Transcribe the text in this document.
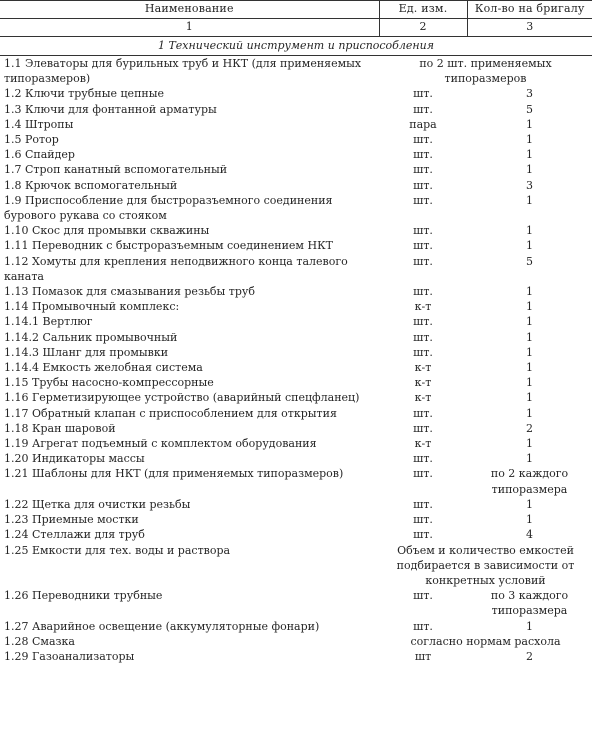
Наименование	Ед. изм.	Кол-во на бригалу
1	2	3
1 Технический инструмент и приспособления		
1.1 Элеваторы для бурильных труб и НКТ (для применяемых типоразмеров)	по 2 шт. применяемых типоразмеров	
1.2 Ключи трубные цепные	шт.	3
1.3 Ключи для фонтанной арматуры	шт.	5
1.4 Штропы	пара	1
1.5 Ротор	шт.	1
1.6 Спайдер	шт.	1
1.7 Строп канатный вспомогательный	шт.	1
1.8 Крючок вспомогательный	шт.	3
1.9 Приспособление для быстроразъемного соединения бурового рукава со стояком	шт.	1
1.10 Скос для промывки скважины	шт.	1
1.11 Переводник с быстроразъемным соединением НКТ	шт.	1
1.12 Хомуты для крепления неподвижного конца талевого каната	шт.	5
1.13 Помазок для смазывания резьбы труб	шт.	1
1.14 Промывочный комплекс:	к-т	1
1.14.1 Вертлюг	шт.	1
1.14.2 Сальник промывочный	шт.	1
1.14.3 Шланг для промывки	шт.	1
1.14.4 Емкость желобная система	к-т	1
1.15 Трубы насосно-компрессорные	к-т	1
1.16 Герметизирующее устройство (аварийный спецфланец)	к-т	1
1.17 Обратный клапан с приспособлением для открытия	шт.	1
1.18 Кран шаровой	шт.	2
1.19 Агрегат подъемный с комплектом оборудования	к-т	1
1.20 Индикаторы массы	шт.	1
1.21 Шаблоны для НКТ (для применяемых типоразмеров)	шт.	по 2 каждого типоразмера
1.22 Щетка для очистки резьбы	шт.	1
1.23 Приемные мостки	шт.	1
1.24 Стеллажи для труб	шт.	4
1.25 Емкости для тех. воды и раствора	Объем и количество емкостей подбирается в зависимости от конкретных условий	
1.26 Переводники трубные	шт.	по 3 каждого типоразмера
1.27 Аварийное освещение (аккумуляторные фонари)	шт.	1
1.28 Смазка	согласно нормам расхола	
1.29 Газоанализаторы	шт	2
